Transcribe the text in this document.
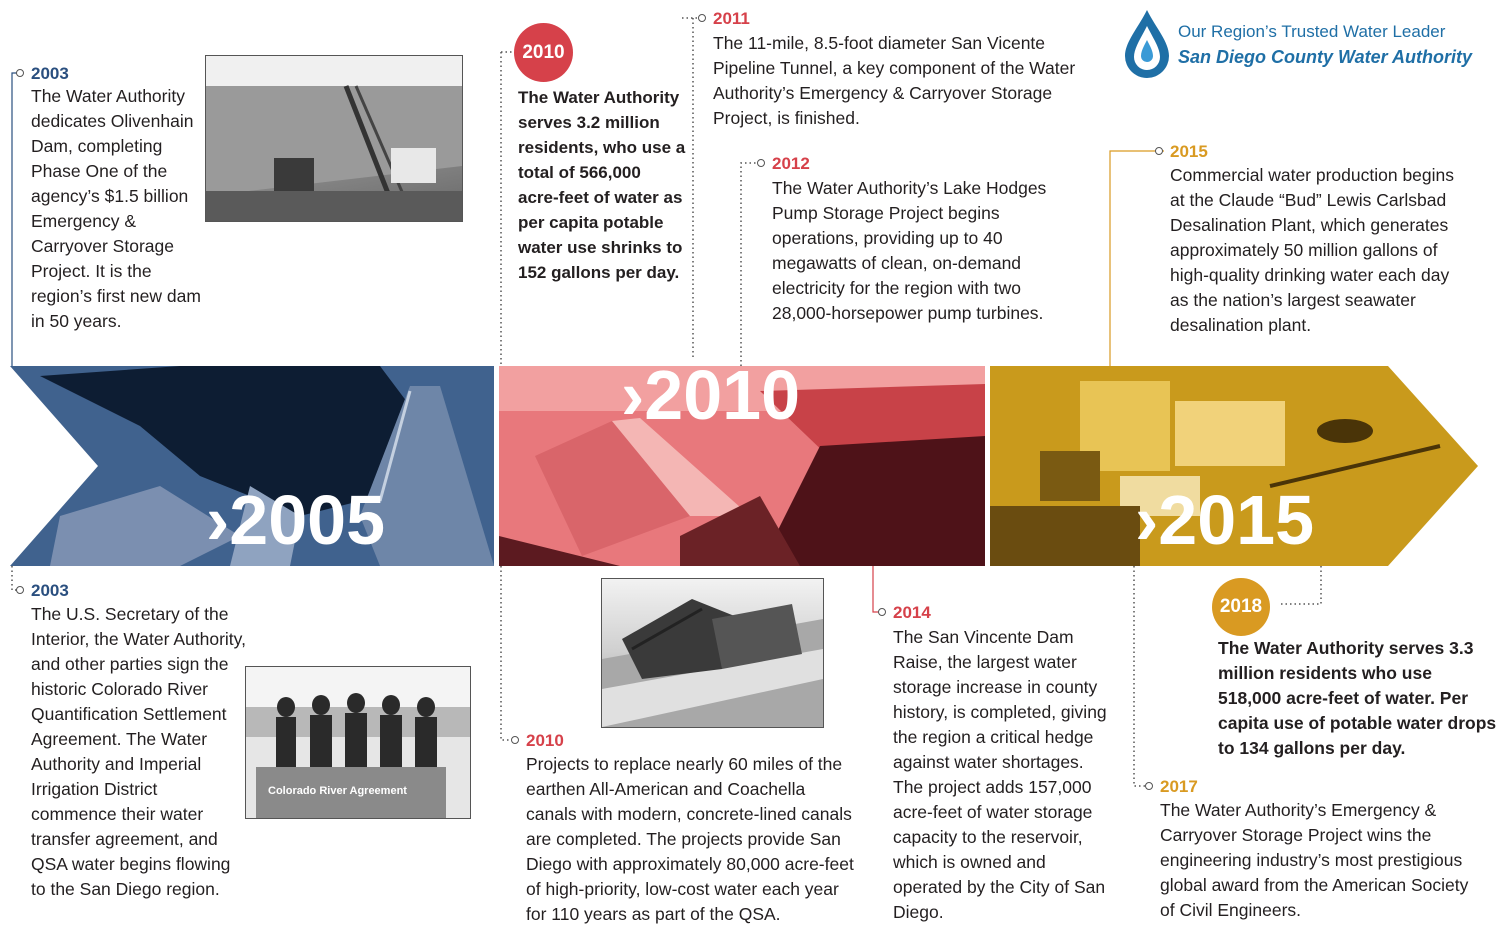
›2005
›2010
›2015
Our Region’s Trusted Water Leader
San Diego County Water Authority
Colorado River Agreement
2010
2018
2003
The Water Authority dedicates Olivenhain Dam, completing Phase One of the agency’s $1.5 billion Emergency & Carryover Storage Project. It is the region’s first new dam in 50 years.
The Water Authority serves 3.2 million residents, who use a total of 566,000 acre-feet of water as per capita potable water use shrinks to 152 gallons per day.
2011
The 11-mile, 8.5-foot diameter San Vicente Pipeline Tunnel, a key component of the Water Authority’s Emergency & Carryover Storage Project, is finished.
2012
The Water Authority’s Lake Hodges Pump Storage Project begins operations, providing up to 40 megawatts of clean, on-demand electricity for the region with two 28,000-horsepower pump turbines.
2015
Commercial water production begins at the Claude “Bud” Lewis Carlsbad Desalination Plant, which generates approximately 50 million gallons of high-quality drinking water each day as the nation’s largest seawater desalination plant.
2003
The U.S. Secretary of the Interior, the Water Authority, and other parties sign the historic Colorado River Quantification Settlement Agreement. The Water Authority and Imperial Irrigation District commence their water transfer agreement, and QSA water begins flowing to the San Diego region.
2010
Projects to replace nearly 60 miles of the earthen All-American and Coachella canals with modern, concrete-lined canals are completed. The projects provide San Diego with approximately 80,000 acre-feet of high-priority, low-cost water each year for 110 years as part of the QSA.
2014
The San Vincente Dam Raise, the largest water storage increase in county history, is completed, giving the region a critical hedge against water shortages. The project adds 157,000 acre-feet of water storage capacity to the reservoir, which is owned and operated by the City of San Diego.
The Water Authority serves 3.3 million residents who use 518,000 acre-feet of water. Per capita use of potable water drops to 134 gallons per day.
2017
The Water Authority’s Emergency & Carryover Storage Project wins the engineering industry’s most prestigious global award from the American Society of Civil Engineers.
